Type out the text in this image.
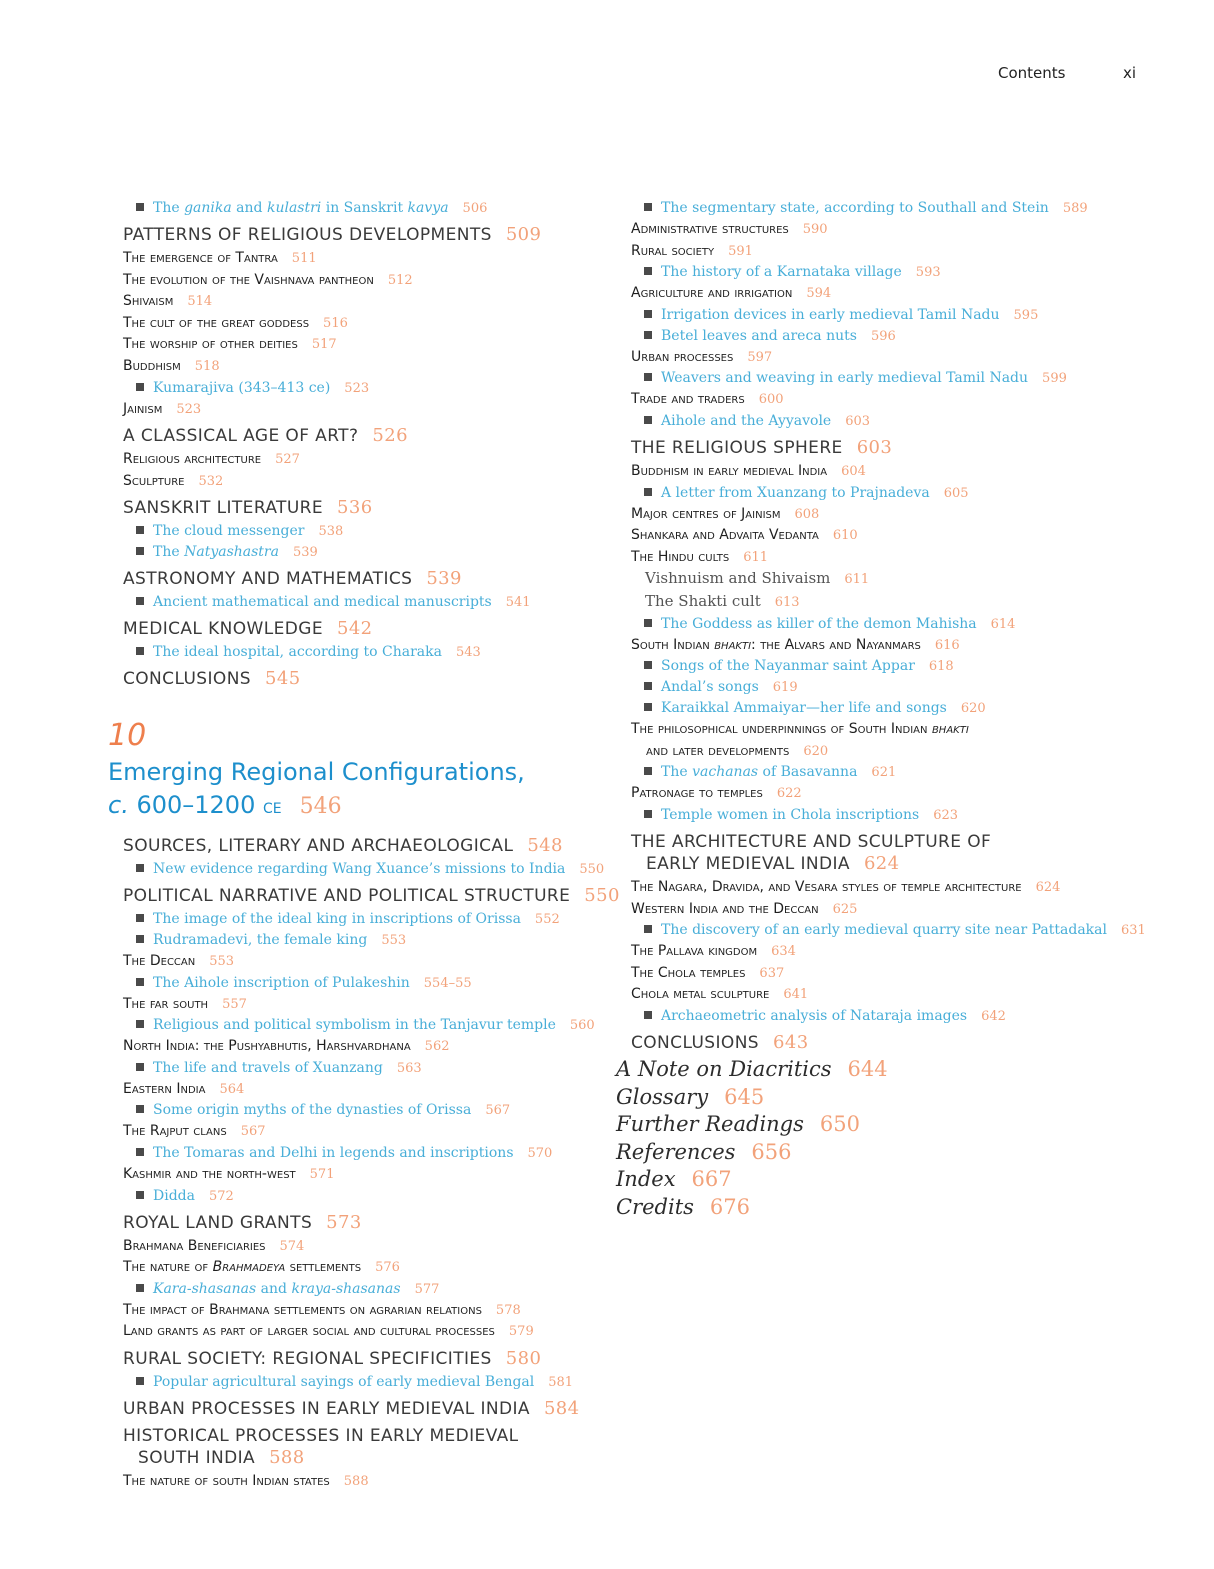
Contents	xi
The ganika and kulastri in Sanskrit kavya 506
PATTERNS OF RELIGIOUS DEVELOPMENTS 509
The emergence of Tantra 511
The evolution of the Vaishnava pantheon 512
Shivaism 514
The cult of the great goddess 516
The worship of other deities 517
Buddhism 518
Kumarajiva (343–413 ce) 523
Jainism 523
A CLASSICAL AGE OF ART? 526
Religious architecture 527
Sculpture 532
SANSKRIT LITERATURE 536
The cloud messenger 538
The Natyashastra 539
ASTRONOMY AND MATHEMATICS 539
Ancient mathematical and medical manuscripts 541
MEDICAL KNOWLEDGE 542
The ideal hospital, according to Charaka 543
CONCLUSIONS 545
10
Emerging Regional Configurations,
c. 600–1200 ce 546
SOURCES, LITERARY AND ARCHAEOLOGICAL 548
New evidence regarding Wang Xuance’s missions to India 550
POLITICAL NARRATIVE AND POLITICAL STRUCTURE 550
The image of the ideal king in inscriptions of Orissa 552
Rudramadevi, the female king 553
The Deccan 553
The Aihole inscription of Pulakeshin 554–55
The far south 557
Religious and political symbolism in the Tanjavur temple 560
North India: the Pushyabhutis, Harshvardhana 562
The life and travels of Xuanzang 563
Eastern India 564
Some origin myths of the dynasties of Orissa 567
The Rajput clans 567
The Tomaras and Delhi in legends and inscriptions 570
Kashmir and the north-west 571
Didda 572
ROYAL LAND GRANTS 573
Brahmana Beneficiaries 574
The nature of Brahmadeya settlements 576
Kara-shasanas and kraya-shasanas 577
The impact of Brahmana settlements on agrarian relations 578
Land grants as part of larger social and cultural processes 579
RURAL SOCIETY: REGIONAL SPECIFICITIES 580
Popular agricultural sayings of early medieval Bengal 581
URBAN PROCESSES IN EARLY MEDIEVAL INDIA 584
HISTORICAL PROCESSES IN EARLY MEDIEVAL
SOUTH INDIA 588
The nature of south Indian states 588
The segmentary state, according to Southall and Stein 589
Administrative structures 590
Rural society 591
The history of a Karnataka village 593
Agriculture and irrigation 594
Irrigation devices in early medieval Tamil Nadu 595
Betel leaves and areca nuts 596
Urban processes 597
Weavers and weaving in early medieval Tamil Nadu 599
Trade and traders 600
Aihole and the Ayyavole 603
THE RELIGIOUS SPHERE 603
Buddhism in early medieval India 604
A letter from Xuanzang to Prajnadeva 605
Major centres of Jainism 608
Shankara and Advaita Vedanta 610
The Hindu cults 611
Vishnuism and Shivaism 611
The Shakti cult 613
The Goddess as killer of the demon Mahisha 614
South Indian bhakti: the Alvars and Nayanmars 616
Songs of the Nayanmar saint Appar 618
Andal’s songs 619
Karaikkal Ammaiyar—her life and songs 620
The philosophical underpinnings of South Indian bhakti
and later developments 620
The vachanas of Basavanna 621
Patronage to temples 622
Temple women in Chola inscriptions 623
THE ARCHITECTURE AND SCULPTURE OF
EARLY MEDIEVAL INDIA 624
The Nagara, Dravida, and Vesara styles of temple architecture 624
Western India and the Deccan 625
The discovery of an early medieval quarry site near Pattadakal 631
The Pallava kingdom 634
The Chola temples 637
Chola metal sculpture 641
Archaeometric analysis of Nataraja images 642
CONCLUSIONS 643
A Note on Diacritics 644
Glossary 645
Further Readings 650
References 656
Index 667
Credits 676
